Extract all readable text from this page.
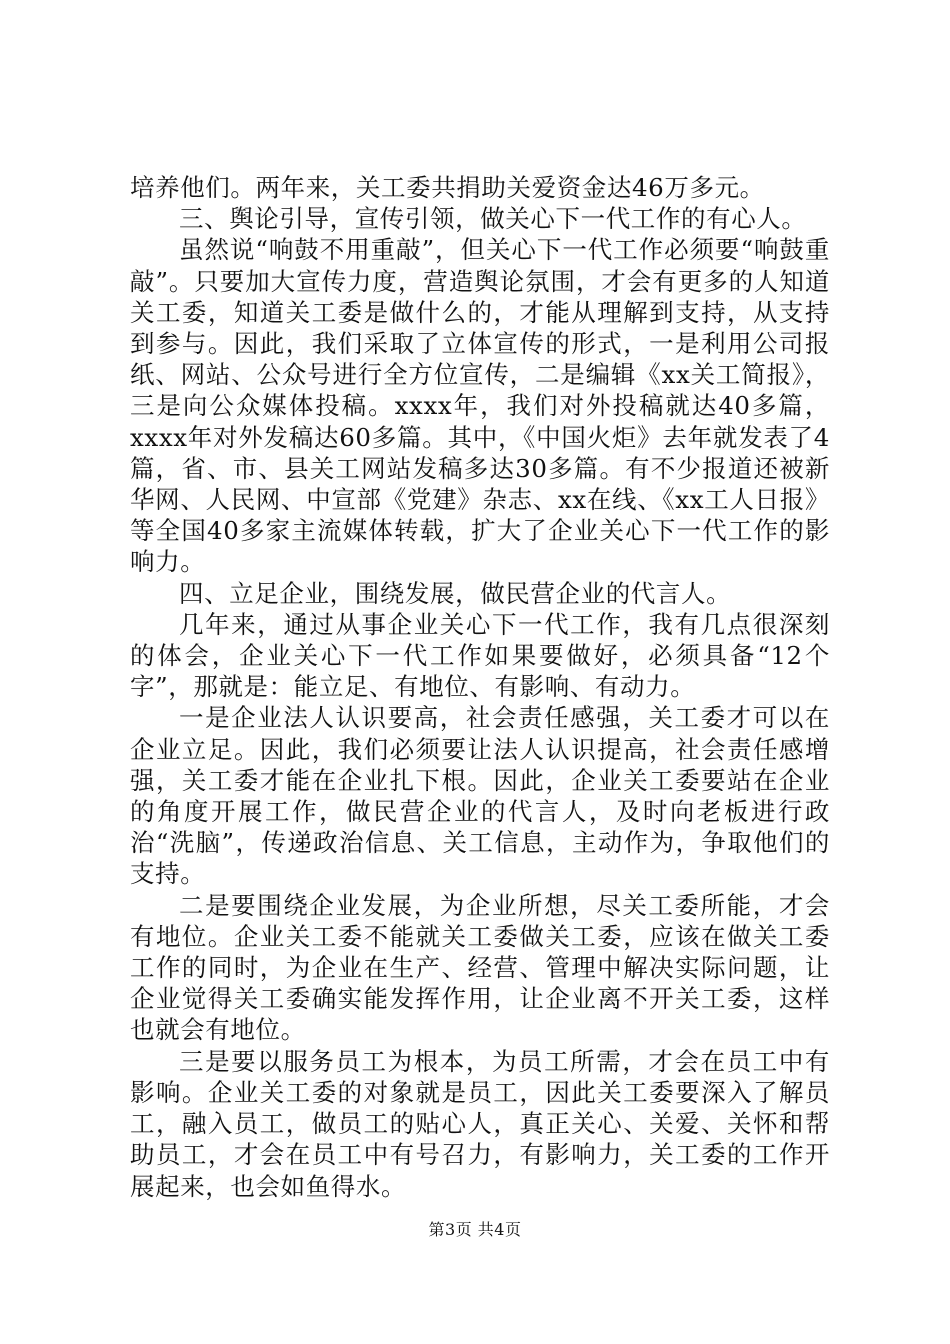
培养他们。两年来，关工委共捐助关爱资金达46万多元。

三、舆论引导，宣传引领，做关心下一代工作的有心人。

虽然说“响鼓不用重敲”，但关心下一代工作必须要“响鼓重敲”。只要加大宣传力度，营造舆论氛围，才会有更多的人知道关工委，知道关工委是做什么的，才能从理解到支持，从支持到参与。因此，我们采取了立体宣传的形式，一是利用公司报纸、网站、公众号进行全方位宣传，二是编辑《xx关工简报》，三是向公众媒体投稿。xxxx年，我们对外投稿就达40多篇，xxxx年对外发稿达60多篇。其中，《中国火炬》去年就发表了4篇，省、市、县关工网站发稿多达30多篇。有不少报道还被新华网、人民网、中宣部《党建》杂志、xx在线、《xx工人日报》等全国40多家主流媒体转载，扩大了企业关心下一代工作的影响力。

四、立足企业，围绕发展，做民营企业的代言人。

几年来，通过从事企业关心下一代工作，我有几点很深刻的体会，企业关心下一代工作如果要做好，必须具备“12个字”，那就是：能立足、有地位、有影响、有动力。

一是企业法人认识要高，社会责任感强，关工委才可以在企业立足。因此，我们必须要让法人认识提高，社会责任感增强，关工委才能在企业扎下根。因此，企业关工委要站在企业的角度开展工作，做民营企业的代言人，及时向老板进行政治“洗脑”，传递政治信息、关工信息，主动作为，争取他们的支持。

二是要围绕企业发展，为企业所想，尽关工委所能，才会有地位。企业关工委不能就关工委做关工委，应该在做关工委工作的同时，为企业在生产、经营、管理中解决实际问题，让企业觉得关工委确实能发挥作用，让企业离不开关工委，这样也就会有地位。

三是要以服务员工为根本，为员工所需，才会在员工中有影响。企业关工委的对象就是员工，因此关工委要深入了解员工，融入员工，做员工的贴心人，真正关心、关爱、关怀和帮助员工，才会在员工中有号召力，有影响力，关工委的工作开展起来，也会如鱼得水。

第3页 共4页
